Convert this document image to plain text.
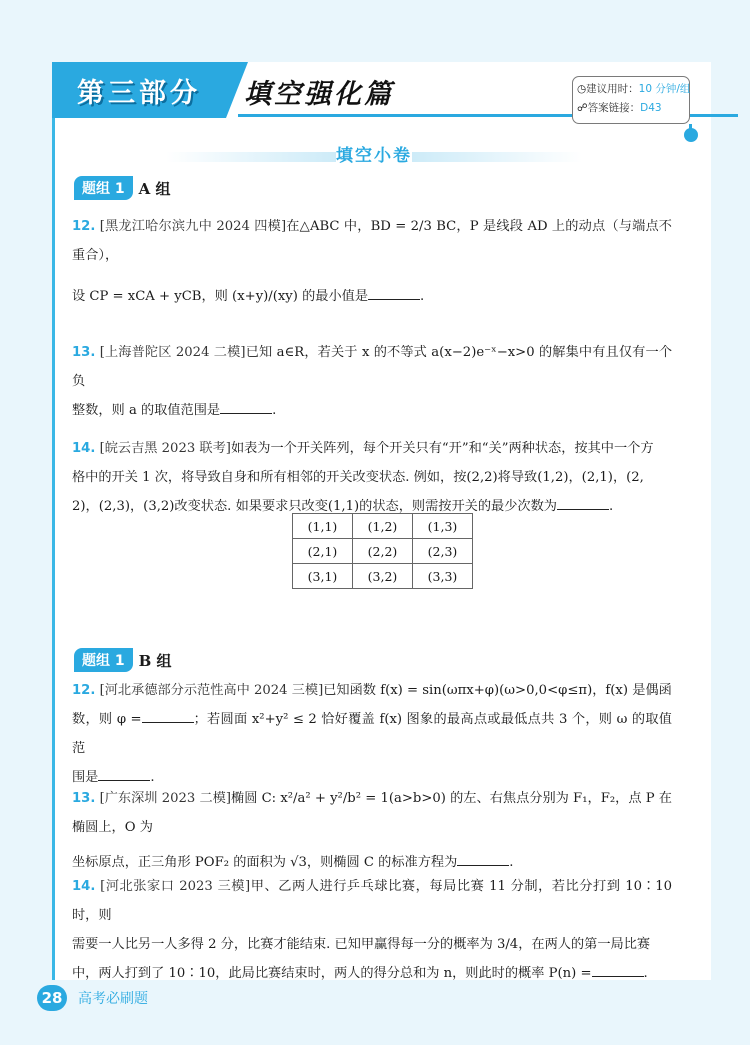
第三部分 填空强化篇	◷建议用时：10 分钟/组
☍答案链接：D43
填空小卷
题组 1 A 组
12. [黑龙江哈尔滨九中 2024 四模]在△ABC 中，BD = 2/3 BC，P 是线段 AD 上的动点（与端点不重合），
设 CP = xCA + yCB，则 (x+y)/(xy) 的最小值是	.
13. [上海普陀区 2024 二模]已知 a∈R，若关于 x 的不等式 a(x−2)e⁻ˣ−x>0 的解集中有且仅有一个负
整数，则 a 的取值范围是	.
14. [皖云吉黑 2023 联考]如表为一个开关阵列，每个开关只有“开”和“关”两种状态，按其中一个方
格中的开关 1 次，将导致自身和所有相邻的开关改变状态. 例如，按(2,2)将导致(1,2)，(2,1)，(2,
2)，(2,3)，(3,2)改变状态. 如果要求只改变(1,1)的状态，则需按开关的最少次数为	.
(1,1)	(1,2)	(1,3)
(2,1)	(2,2)	(2,3)
(3,1)	(3,2)	(3,3)
题组 1 B 组
12. [河北承德部分示范性高中 2024 三模]已知函数 f(x) = sin(ωπx+φ)(ω>0,0<φ≤π)，f(x) 是偶函
数，则 φ =	；若圆面 x²+y² ≤ 2 恰好覆盖 f(x) 图象的最高点或最低点共 3 个，则 ω 的取值范
围是	.
13. [广东深圳 2023 二模]椭圆 C: x²/a² + y²/b² = 1(a>b>0) 的左、右焦点分别为 F₁，F₂，点 P 在椭圆上，O 为
坐标原点，正三角形 POF₂ 的面积为 √3，则椭圆 C 的标准方程为	.
14. [河北张家口 2023 三模]甲、乙两人进行乒乓球比赛，每局比赛 11 分制，若比分打到 10∶10 时，则
需要一人比另一人多得 2 分，比赛才能结束. 已知甲赢得每一分的概率为 3/4，在两人的第一局比赛
中，两人打到了 10∶10，此局比赛结束时，两人的得分总和为 n，则此时的概率 P(n) =	.
28	高考必刷题
